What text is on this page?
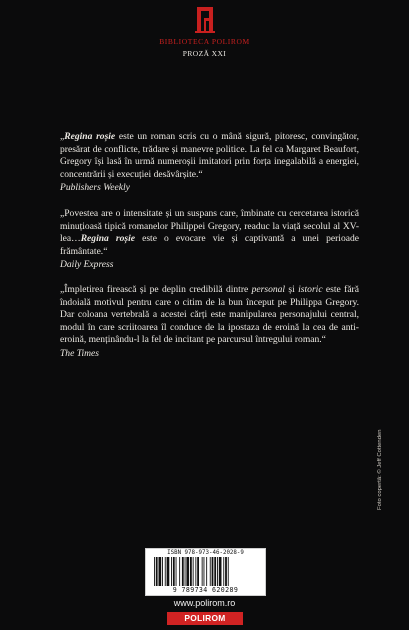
BIBLIOTECA POLIROM
PROZĂ XXI
„Regina roșie este un roman scris cu o mână sigură, pitoresc, convingător, presărat de conflicte, trădare și manevre politice. La fel ca Margaret Beaufort, Gregory își lasă în urmă numeroșii imitatori prin forța inegalabilă a energiei, concentrării și execuției desăvârșite.“
Publishers Weekly
„Povestea are o intensitate și un suspans care, îmbinate cu cercetarea istorică minuțioasă tipică romanelor Philippei Gregory, readuc la viață secolul al XV-lea…Regina roșie este o evocare vie și captivantă a unei perioade frământate.“
Daily Express
„Împletirea firească și pe deplin credibilă dintre personal și istoric este fără îndoială motivul pentru care o citim de la bun început pe Philippa Gregory. Dar coloana vertebrală a acestei cărți este manipularea personajului central, modul în care scriitoarea îl conduce de la ipostaza de eroină la cea de anti-eroină, menținându-l la fel de incitant pe parcursul întregului roman.“
The Times
ISBN 978-973-46-2028-9
9 789734 620289
www.polirom.ro
POLIROM
Foto copertă: © Jeff Cottenden
